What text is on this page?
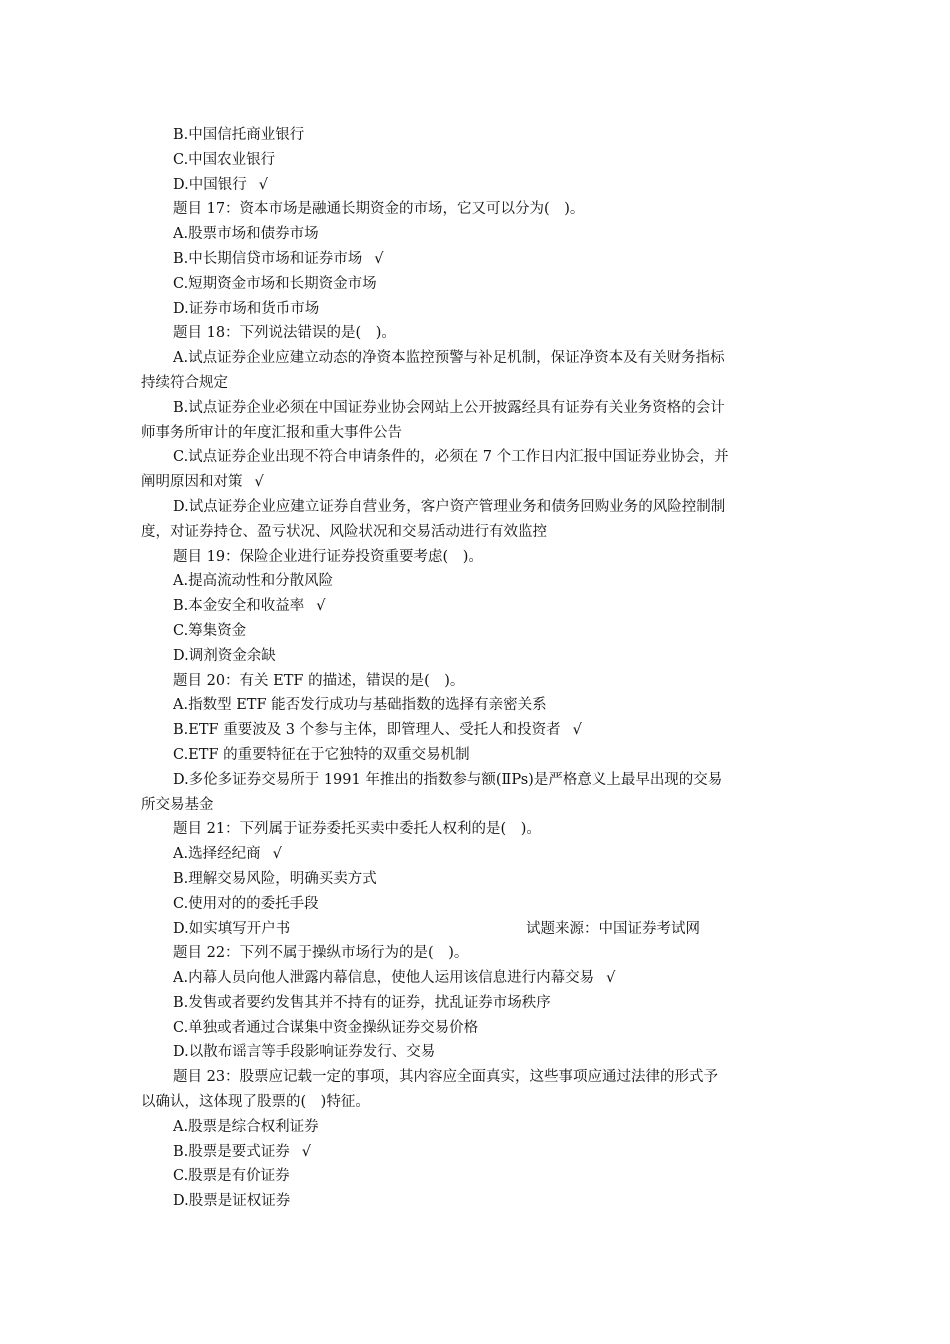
B.中国信托商业银行
C.中国农业银行
D.中国银行 √
题目 17：资本市场是融通长期资金的市场，它又可以分为(　)。
A.股票市场和债券市场
B.中长期信贷市场和证券市场 √
C.短期资金市场和长期资金市场
D.证券市场和货币市场
题目 18：下列说法错误的是(　)。
A.试点证券企业应建立动态的净资本监控预警与补足机制，保证净资本及有关财务指标
持续符合规定
B.试点证券企业必须在中国证券业协会网站上公开披露经具有证券有关业务资格的会计
师事务所审计的年度汇报和重大事件公告
C.试点证券企业出现不符合申请条件的，必须在 7 个工作日内汇报中国证券业协会，并
阐明原因和对策 √
D.试点证券企业应建立证券自营业务，客户资产管理业务和债务回购业务的风险控制制
度，对证券持仓、盈亏状况、风险状况和交易活动进行有效监控
题目 19：保险企业进行证券投资重要考虑(　)。
A.提高流动性和分散风险
B.本金安全和收益率 √
C.筹集资金
D.调剂资金余缺
题目 20：有关 ETF 的描述，错误的是(　)。
A.指数型 ETF 能否发行成功与基础指数的选择有亲密关系
B.ETF 重要波及 3 个参与主体，即管理人、受托人和投资者 √
C.ETF 的重要特征在于它独特的双重交易机制
D.多伦多证券交易所于 1991 年推出的指数参与额(ⅡPs)是严格意义上最早出现的交易
所交易基金
题目 21：下列属于证券委托买卖中委托人权利的是(　)。
A.选择经纪商 √
B.理解交易风险，明确买卖方式
C.使用对的的委托手段
D.如实填写开户书	试题来源：中国证券考试网
题目 22：下列不属于操纵市场行为的是(　)。
A.内幕人员向他人泄露内幕信息，使他人运用该信息进行内幕交易 √
B.发售或者要约发售其并不持有的证券，扰乱证券市场秩序
C.单独或者通过合谋集中资金操纵证券交易价格
D.以散布谣言等手段影响证券发行、交易
题目 23：股票应记载一定的事项，其内容应全面真实，这些事项应通过法律的形式予
以确认，这体现了股票的(　)特征。
A.股票是综合权利证券
B.股票是要式证券 √
C.股票是有价证券
D.股票是证权证券
